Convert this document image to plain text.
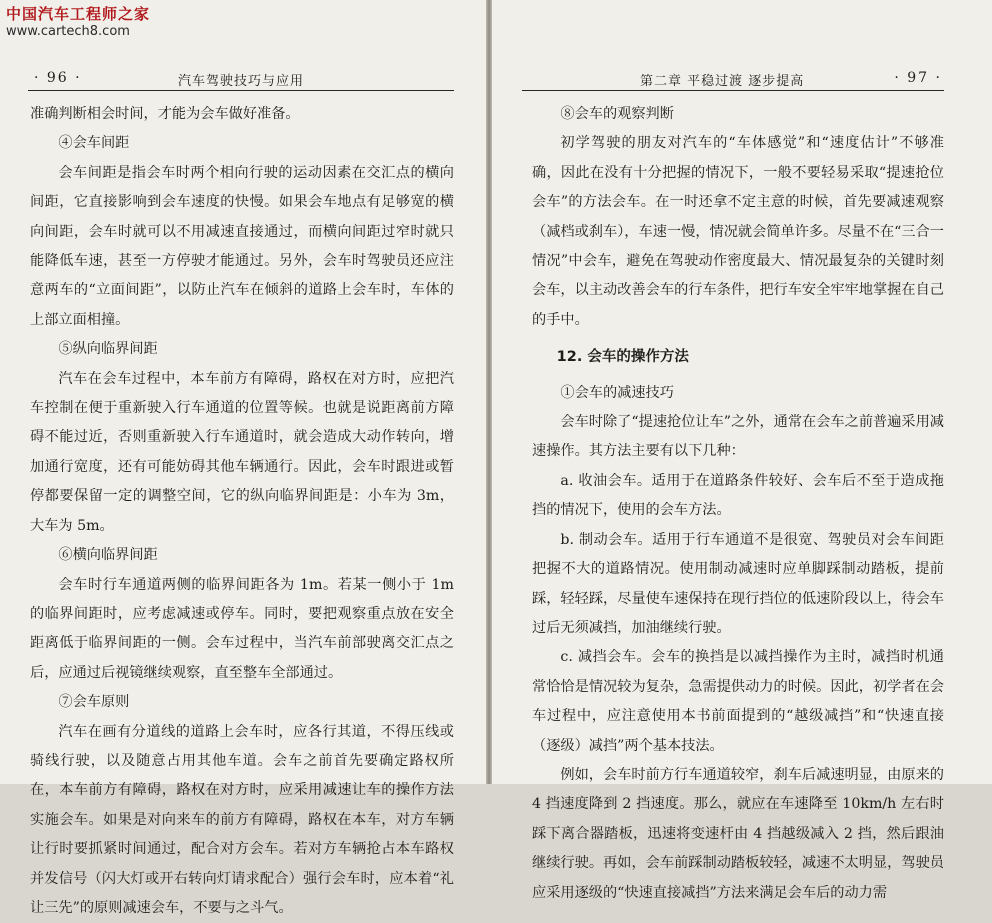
中国汽车工程师之家
www.cartech8.com
· 96 ·	汽车驾驶技巧与应用

准确判断相会时间，才能为会车做好准备。

④会车间距

会车间距是指会车时两个相向行驶的运动因素在交汇点的横向间距，它直接影响到会车速度的快慢。如果会车地点有足够宽的横向间距，会车时就可以不用减速直接通过，而横向间距过窄时就只能降低车速，甚至一方停驶才能通过。另外，会车时驾驶员还应注意两车的“立面间距”，以防止汽车在倾斜的道路上会车时，车体的上部立面相撞。

⑤纵向临界间距

汽车在会车过程中，本车前方有障碍，路权在对方时，应把汽车控制在便于重新驶入行车通道的位置等候。也就是说距离前方障碍不能过近，否则重新驶入行车通道时，就会造成大动作转向，增加通行宽度，还有可能妨碍其他车辆通行。因此，会车时跟进或暂停都要保留一定的调整空间，它的纵向临界间距是：小车为 3m，大车为 5m。

⑥横向临界间距

会车时行车通道两侧的临界间距各为 1m。若某一侧小于 1m 的临界间距时，应考虑减速或停车。同时，要把观察重点放在安全距离低于临界间距的一侧。会车过程中，当汽车前部驶离交汇点之后，应通过后视镜继续观察，直至整车全部通过。

⑦会车原则

汽车在画有分道线的道路上会车时，应各行其道，不得压线或骑线行驶，以及随意占用其他车道。会车之前首先要确定路权所在，本车前方有障碍，路权在对方时，应采用减速让车的操作方法实施会车。如果是对向来车的前方有障碍，路权在本车，对方车辆让行时要抓紧时间通过，配合对方会车。若对方车辆抢占本车路权并发信号（闪大灯或开右转向灯请求配合）强行会车时，应本着“礼让三先”的原则减速会车，不要与之斗气。

第二章 平稳过渡 逐步提高	· 97 ·

⑧会车的观察判断

初学驾驶的朋友对汽车的“车体感觉”和“速度估计”不够准确，因此在没有十分把握的情况下，一般不要轻易采取“提速抢位会车”的方法会车。在一时还拿不定主意的时候，首先要减速观察（减档或刹车），车速一慢，情况就会简单许多。尽量不在“三合一情况”中会车，避免在驾驶动作密度最大、情况最复杂的关键时刻会车，以主动改善会车的行车条件，把行车安全牢牢地掌握在自己的手中。

12. 会车的操作方法

①会车的减速技巧

会车时除了“提速抢位让车”之外，通常在会车之前普遍采用减速操作。其方法主要有以下几种：

a. 收油会车。适用于在道路条件较好、会车后不至于造成拖挡的情况下，使用的会车方法。

b. 制动会车。适用于行车通道不是很宽、驾驶员对会车间距把握不大的道路情况。使用制动减速时应单脚踩制动踏板，提前踩，轻轻踩，尽量使车速保持在现行挡位的低速阶段以上，待会车过后无须减挡，加油继续行驶。

c. 减挡会车。会车的换挡是以减挡操作为主时，减挡时机通常恰恰是情况较为复杂，急需提供动力的时候。因此，初学者在会车过程中，应注意使用本书前面提到的“越级减挡”和“快速直接（逐级）减挡”两个基本技法。

例如，会车时前方行车通道较窄，刹车后减速明显，由原来的 4 挡速度降到 2 挡速度。那么，就应在车速降至 10km/h 左右时踩下离合器踏板，迅速将变速杆由 4 挡越级减入 2 挡，然后跟油继续行驶。再如，会车前踩制动踏板较轻，减速不太明显，驾驶员应采用逐级的“快速直接减挡”方法来满足会车后的动力需
